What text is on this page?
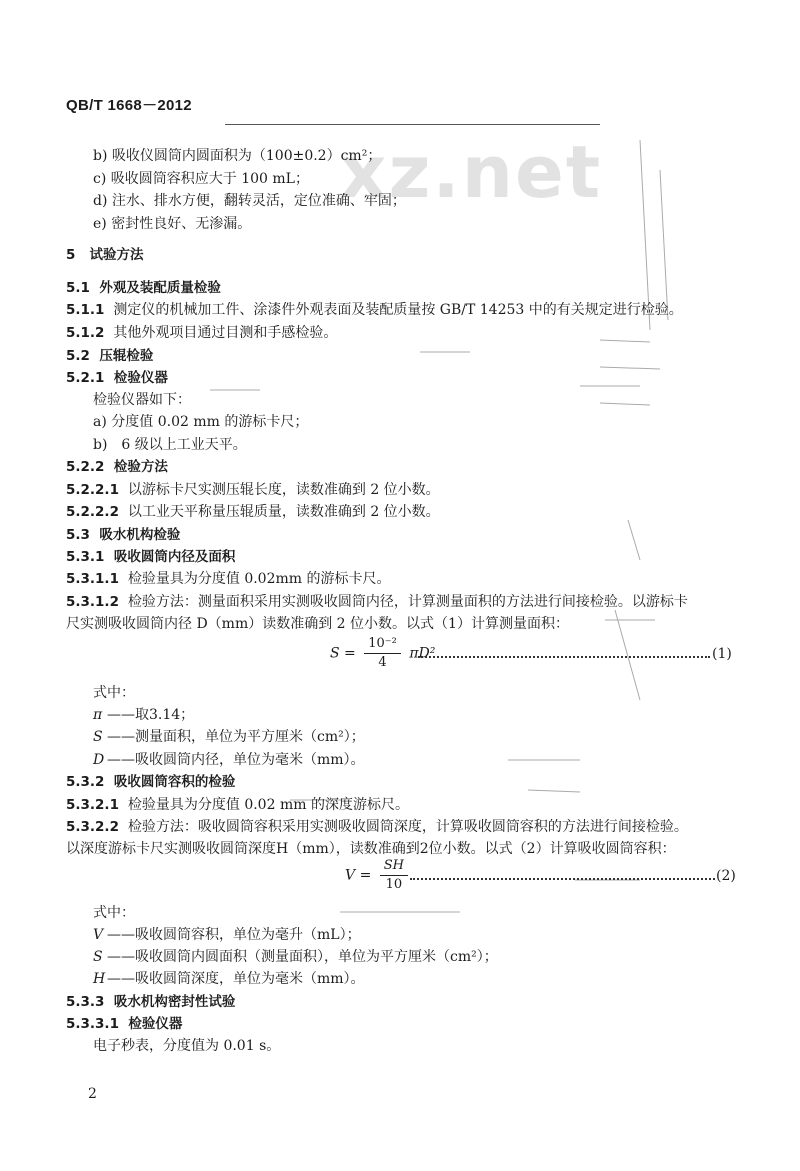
xz.net
QB/T 1668－2012
b) 吸收仪圆筒内圆面积为（100±0.2）cm²；
c) 吸收圆筒容积应大于 100 mL；
d) 注水、排水方便，翻转灵活，定位准确、牢固；
e) 密封性良好、无渗漏。
5 试验方法
5.1 外观及装配质量检验
5.1.1 测定仪的机械加工件、涂漆件外观表面及装配质量按 GB/T 14253 中的有关规定进行检验。
5.1.2 其他外观项目通过目测和手感检验。
5.2 压辊检验
5.2.1 检验仪器
检验仪器如下：
a) 分度值 0.02 mm 的游标卡尺；
b)　6 级以上工业天平。
5.2.2 检验方法
5.2.2.1 以游标卡尺实测压辊长度，读数准确到 2 位小数。
5.2.2.2 以工业天平称量压辊质量，读数准确到 2 位小数。
5.3 吸水机构检验
5.3.1 吸收圆筒内径及面积
5.3.1.1 检验量具为分度值 0.02mm 的游标卡尺。
5.3.1.2 检验方法：测量面积采用实测吸收圆筒内径，计算测量面积的方法进行间接检验。以游标卡
尺实测吸收圆筒内径 D（mm）读数准确到 2 位小数。以式（1）计算测量面积：
$S = \frac{\text{10⁻²}}{4} \pi D^2$	(1)
式中：
π ——取3.14；
S ——测量面积，单位为平方厘米（cm²）；
D ——吸收圆筒内径，单位为毫米（mm）。
5.3.2 吸收圆筒容积的检验
5.3.2.1 检验量具为分度值 0.02 mm 的深度游标尺。
5.3.2.2 检验方法：吸收圆筒容积采用实测吸收圆筒深度，计算吸收圆筒容积的方法进行间接检验。
以深度游标卡尺实测吸收圆筒深度H（mm），读数准确到2位小数。以式（2）计算吸收圆筒容积：
$V = \frac{SH}{10}$	(2)
式中：
V ——吸收圆筒容积，单位为毫升（mL）；
S ——吸收圆筒内圆面积（测量面积），单位为平方厘米（cm²）；
H ——吸收圆筒深度，单位为毫米（mm）。
5.3.3 吸水机构密封性试验
5.3.3.1 检验仪器
电子秒表，分度值为 0.01 s。
2
